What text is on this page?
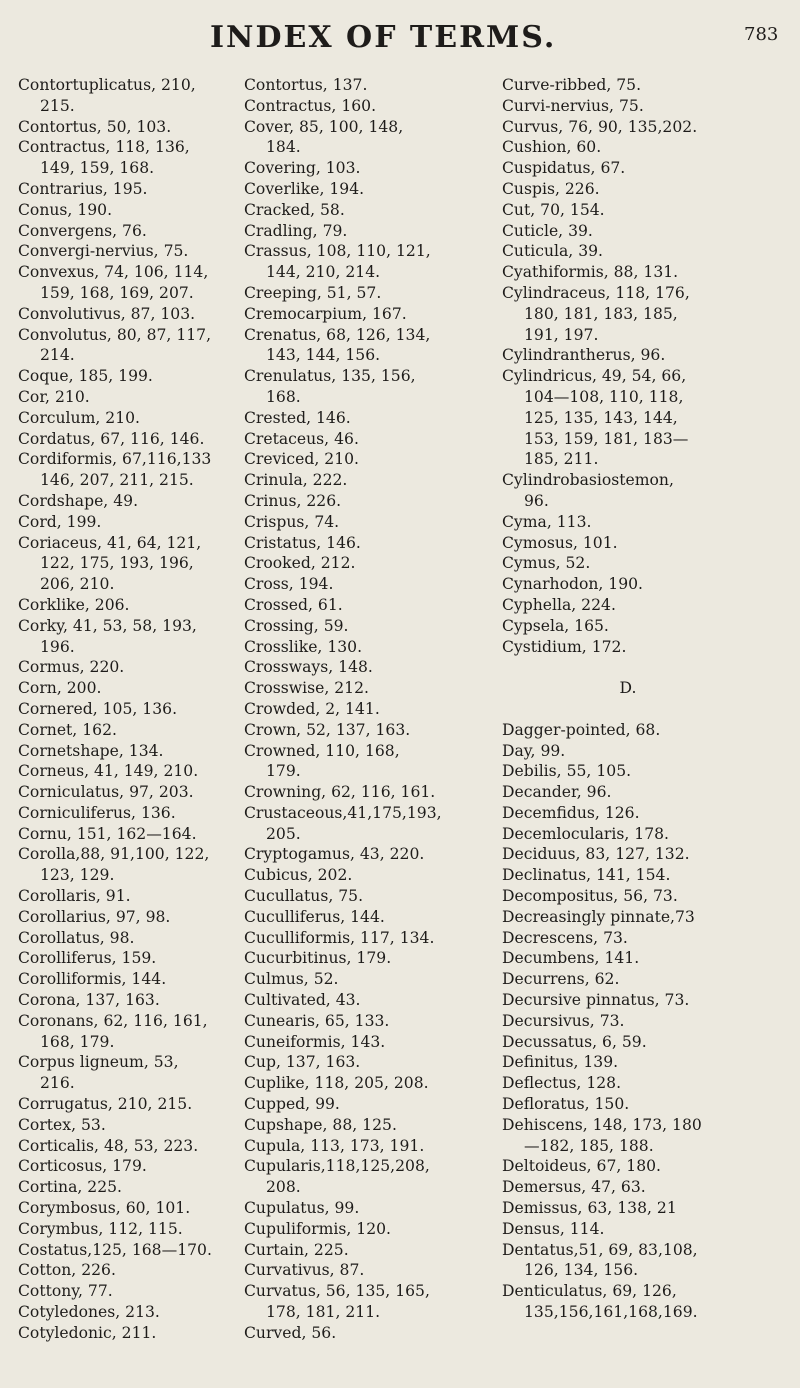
INDEX OF TERMS.	783
Contortuplicatus, 210,
215.
Contortus, 50, 103.
Contractus, 118, 136,
149, 159, 168.
Contrarius, 195.
Conus, 190.
Convergens, 76.
Convergi-nervius, 75.
Convexus, 74, 106, 114,
159, 168, 169, 207.
Convolutivus, 87, 103.
Convolutus, 80, 87, 117,
214.
Coque, 185, 199.
Cor, 210.
Corculum, 210.
Cordatus, 67, 116, 146.
Cordiformis, 67,116,133
146, 207, 211, 215.
Cordshape, 49.
Cord, 199.
Coriaceus, 41, 64, 121,
122, 175, 193, 196,
206, 210.
Corklike, 206.
Corky, 41, 53, 58, 193,
196.
Cormus, 220.
Corn, 200.
Cornered, 105, 136.
Cornet, 162.
Cornetshape, 134.
Corneus, 41, 149, 210.
Corniculatus, 97, 203.
Corniculiferus, 136.
Cornu, 151, 162—164.
Corolla,88, 91,100, 122,
123, 129.
Corollaris, 91.
Corollarius, 97, 98.
Corollatus, 98.
Corolliferus, 159.
Corolliformis, 144.
Corona, 137, 163.
Coronans, 62, 116, 161,
168, 179.
Corpus ligneum, 53,
216.
Corrugatus, 210, 215.
Cortex, 53.
Corticalis, 48, 53, 223.
Corticosus, 179.
Cortina, 225.
Corymbosus, 60, 101.
Corymbus, 112, 115.
Costatus,125, 168—170.
Cotton, 226.
Cottony, 77.
Cotyledones, 213.
Cotyledonic, 211.
Contortus, 137.
Contractus, 160.
Cover, 85, 100, 148,
184.
Covering, 103.
Coverlike, 194.
Cracked, 58.
Cradling, 79.
Crassus, 108, 110, 121,
144, 210, 214.
Creeping, 51, 57.
Cremocarpium, 167.
Crenatus, 68, 126, 134,
143, 144, 156.
Crenulatus, 135, 156,
168.
Crested, 146.
Cretaceus, 46.
Creviced, 210.
Crinula, 222.
Crinus, 226.
Crispus, 74.
Cristatus, 146.
Crooked, 212.
Cross, 194.
Crossed, 61.
Crossing, 59.
Crosslike, 130.
Crossways, 148.
Crosswise, 212.
Crowded, 2, 141.
Crown, 52, 137, 163.
Crowned, 110, 168,
179.
Crowning, 62, 116, 161.
Crustaceous,41,175,193,
205.
Cryptogamus, 43, 220.
Cubicus, 202.
Cucullatus, 75.
Cuculliferus, 144.
Cuculliformis, 117, 134.
Cucurbitinus, 179.
Culmus, 52.
Cultivated, 43.
Cunearis, 65, 133.
Cuneiformis, 143.
Cup, 137, 163.
Cuplike, 118, 205, 208.
Cupped, 99.
Cupshape, 88, 125.
Cupula, 113, 173, 191.
Cupularis,118,125,208,
208.
Cupulatus, 99.
Cupuliformis, 120.
Curtain, 225.
Curvativus, 87.
Curvatus, 56, 135, 165,
178, 181, 211.
Curved, 56.
Curve-ribbed, 75.
Curvi-nervius, 75.
Curvus, 76, 90, 135,202.
Cushion, 60.
Cuspidatus, 67.
Cuspis, 226.
Cut, 70, 154.
Cuticle, 39.
Cuticula, 39.
Cyathiformis, 88, 131.
Cylindraceus, 118, 176,
180, 181, 183, 185,
191, 197.
Cylindrantherus, 96.
Cylindricus, 49, 54, 66,
104—108, 110, 118,
125, 135, 143, 144,
153, 159, 181, 183—
185, 211.
Cylindrobasiostemon,
96.
Cyma, 113.
Cymosus, 101.
Cymus, 52.
Cynarhodon, 190.
Cyphella, 224.
Cypsela, 165.
Cystidium, 172.
D.
Dagger-pointed, 68.
Day, 99.
Debilis, 55, 105.
Decander, 96.
Decemfidus, 126.
Decemlocularis, 178.
Deciduus, 83, 127, 132.
Declinatus, 141, 154.
Decompositus, 56, 73.
Decreasingly pinnate,73
Decrescens, 73.
Decumbens, 141.
Decurrens, 62.
Decursive pinnatus, 73.
Decursivus, 73.
Decussatus, 6, 59.
Definitus, 139.
Deflectus, 128.
Defloratus, 150.
Dehiscens, 148, 173, 180
—182, 185, 188.
Deltoideus, 67, 180.
Demersus, 47, 63.
Demissus, 63, 138, 21
Densus, 114.
Dentatus,51, 69, 83,108,
126, 134, 156.
Denticulatus, 69, 126,
135,156,161,168,169.
